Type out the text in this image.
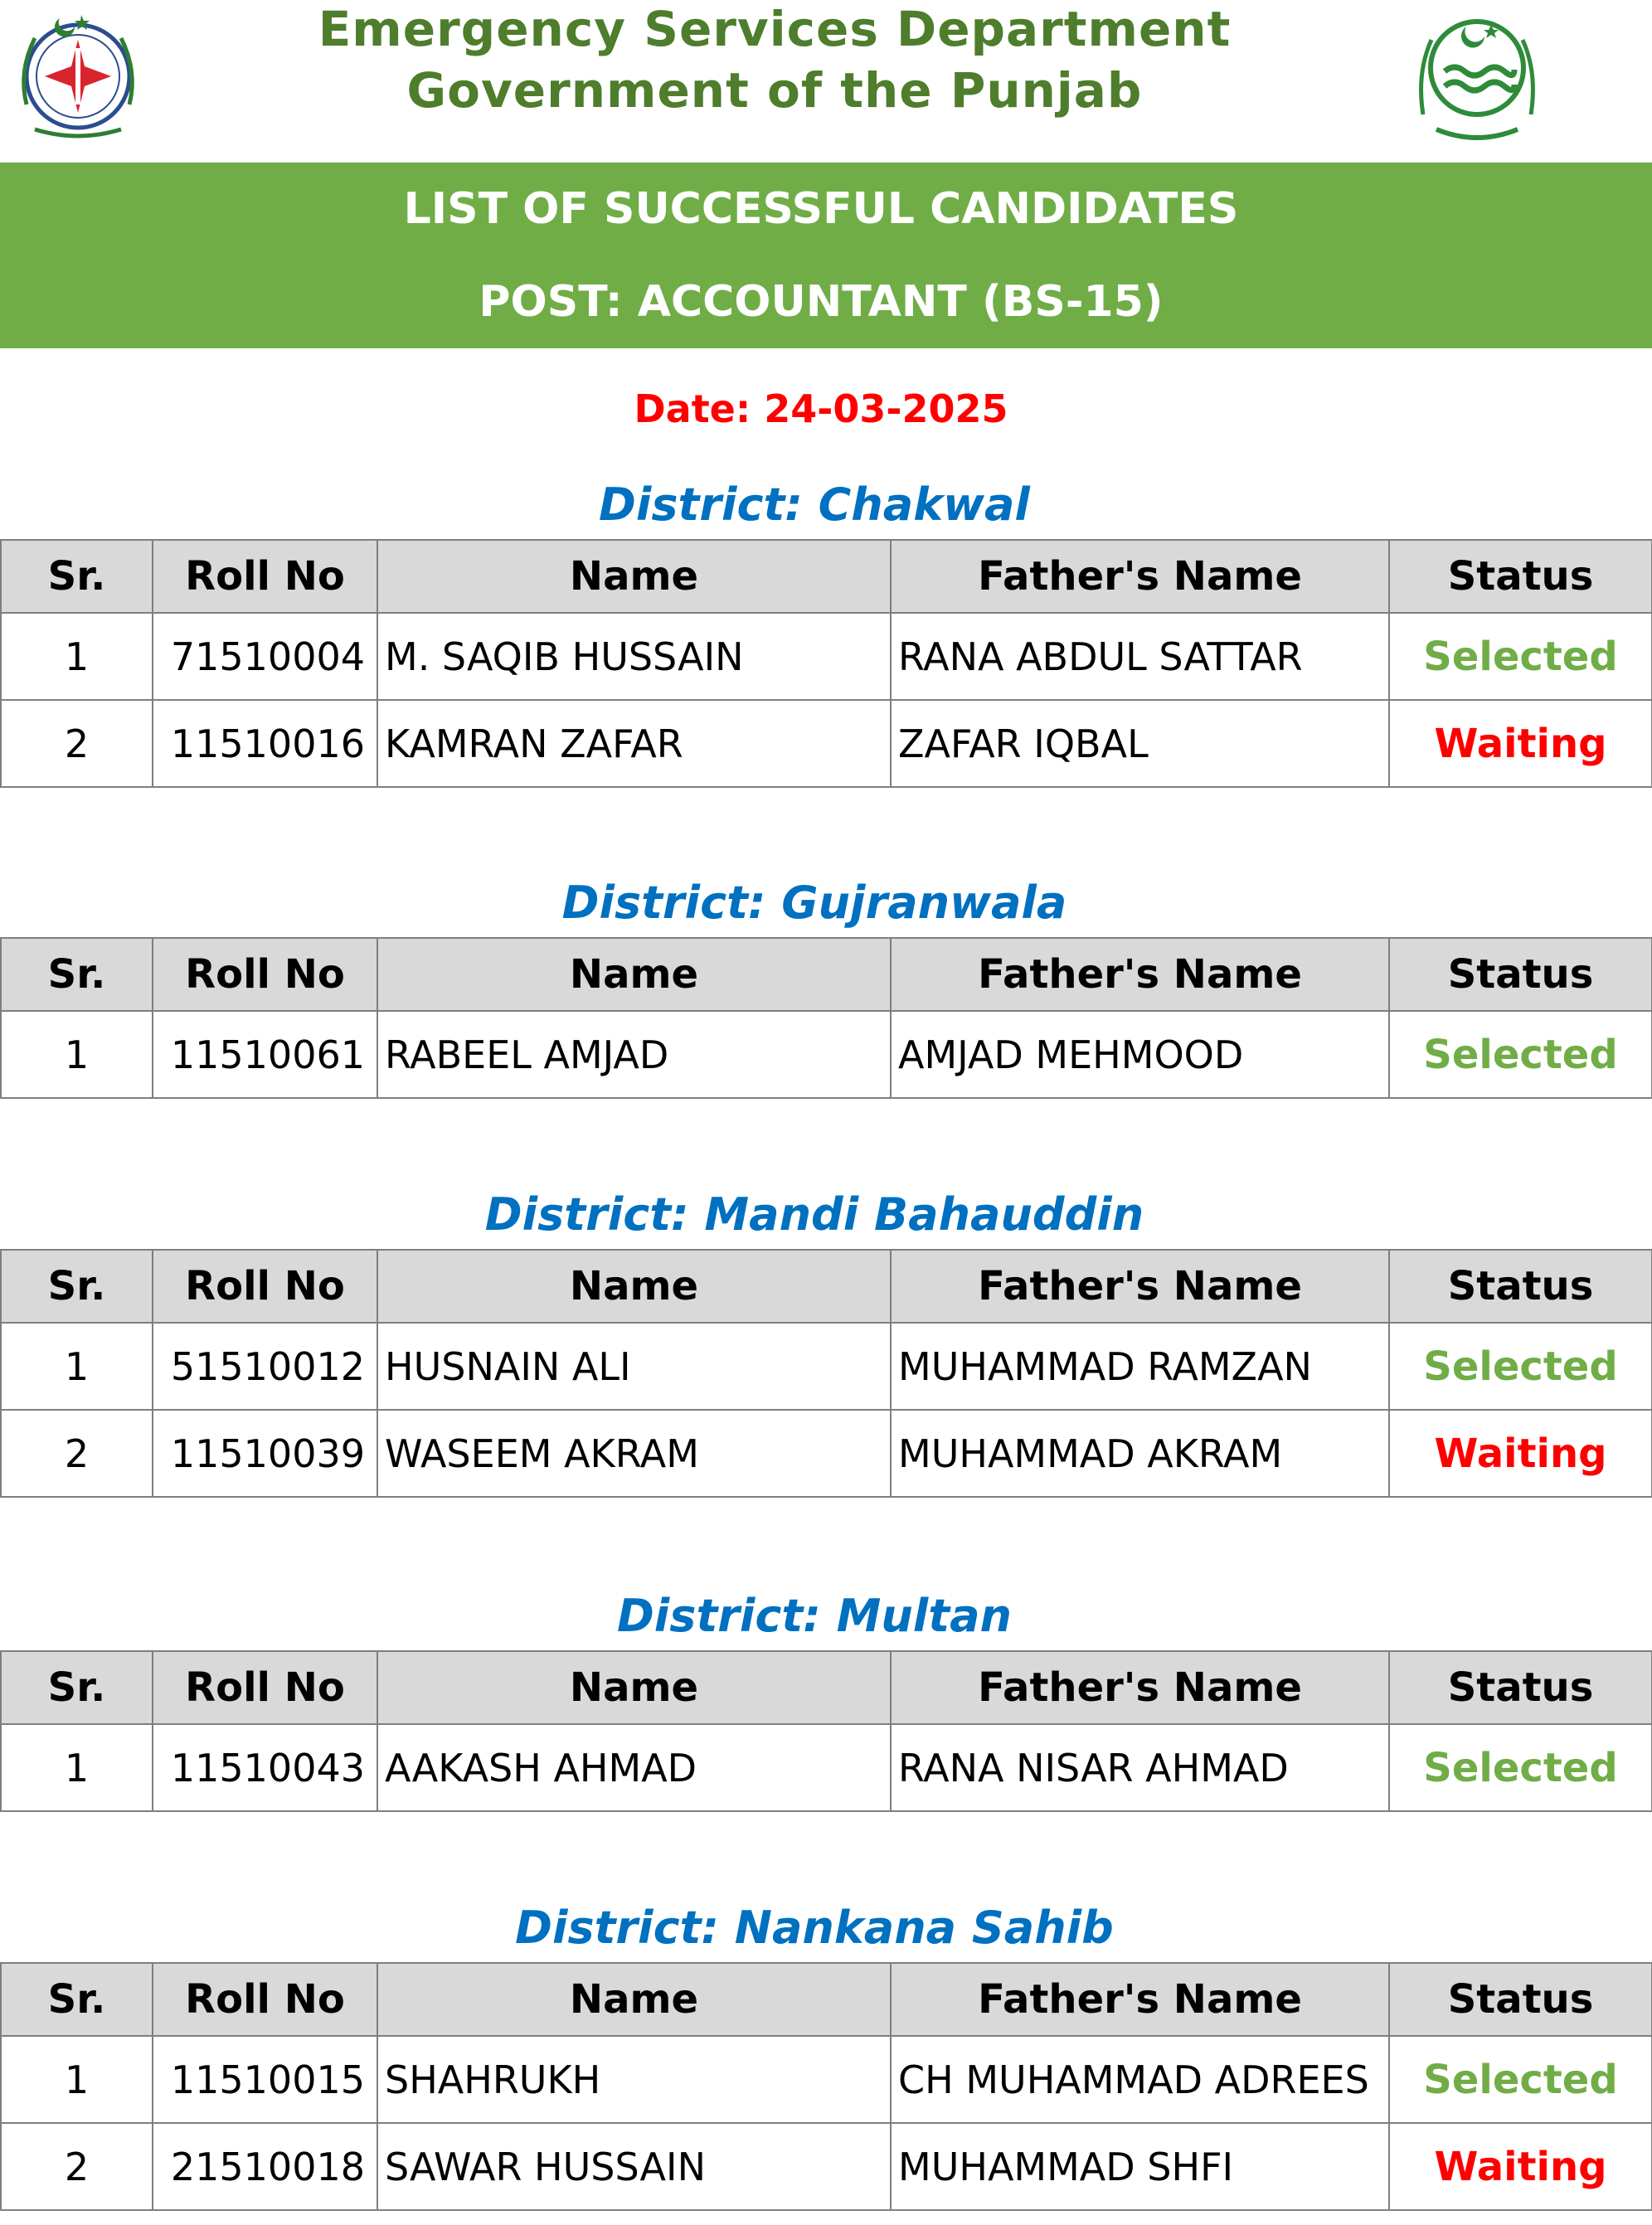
Emergency Services Department
Government of the Punjab
LIST OF SUCCESSFUL CANDIDATES
POST: ACCOUNTANT (BS-15)
Date: 24-03-2025
District: Chakwal
Sr.	Roll No	Name	Father's Name	Status
1	71510004	M. SAQIB HUSSAIN	RANA ABDUL SATTAR	Selected
2	11510016	KAMRAN ZAFAR	ZAFAR IQBAL	Waiting
District: Gujranwala
Sr.	Roll No	Name	Father's Name	Status
1	11510061	RABEEL AMJAD	AMJAD MEHMOOD	Selected
District: Mandi Bahauddin
Sr.	Roll No	Name	Father's Name	Status
1	51510012	HUSNAIN ALI	MUHAMMAD RAMZAN	Selected
2	11510039	WASEEM AKRAM	MUHAMMAD AKRAM	Waiting
District: Multan
Sr.	Roll No	Name	Father's Name	Status
1	11510043	AAKASH AHMAD	RANA NISAR AHMAD	Selected
District: Nankana Sahib
Sr.	Roll No	Name	Father's Name	Status
1	11510015	SHAHRUKH	CH MUHAMMAD ADREES	Selected
2	21510018	SAWAR HUSSAIN	MUHAMMAD SHFI	Waiting
